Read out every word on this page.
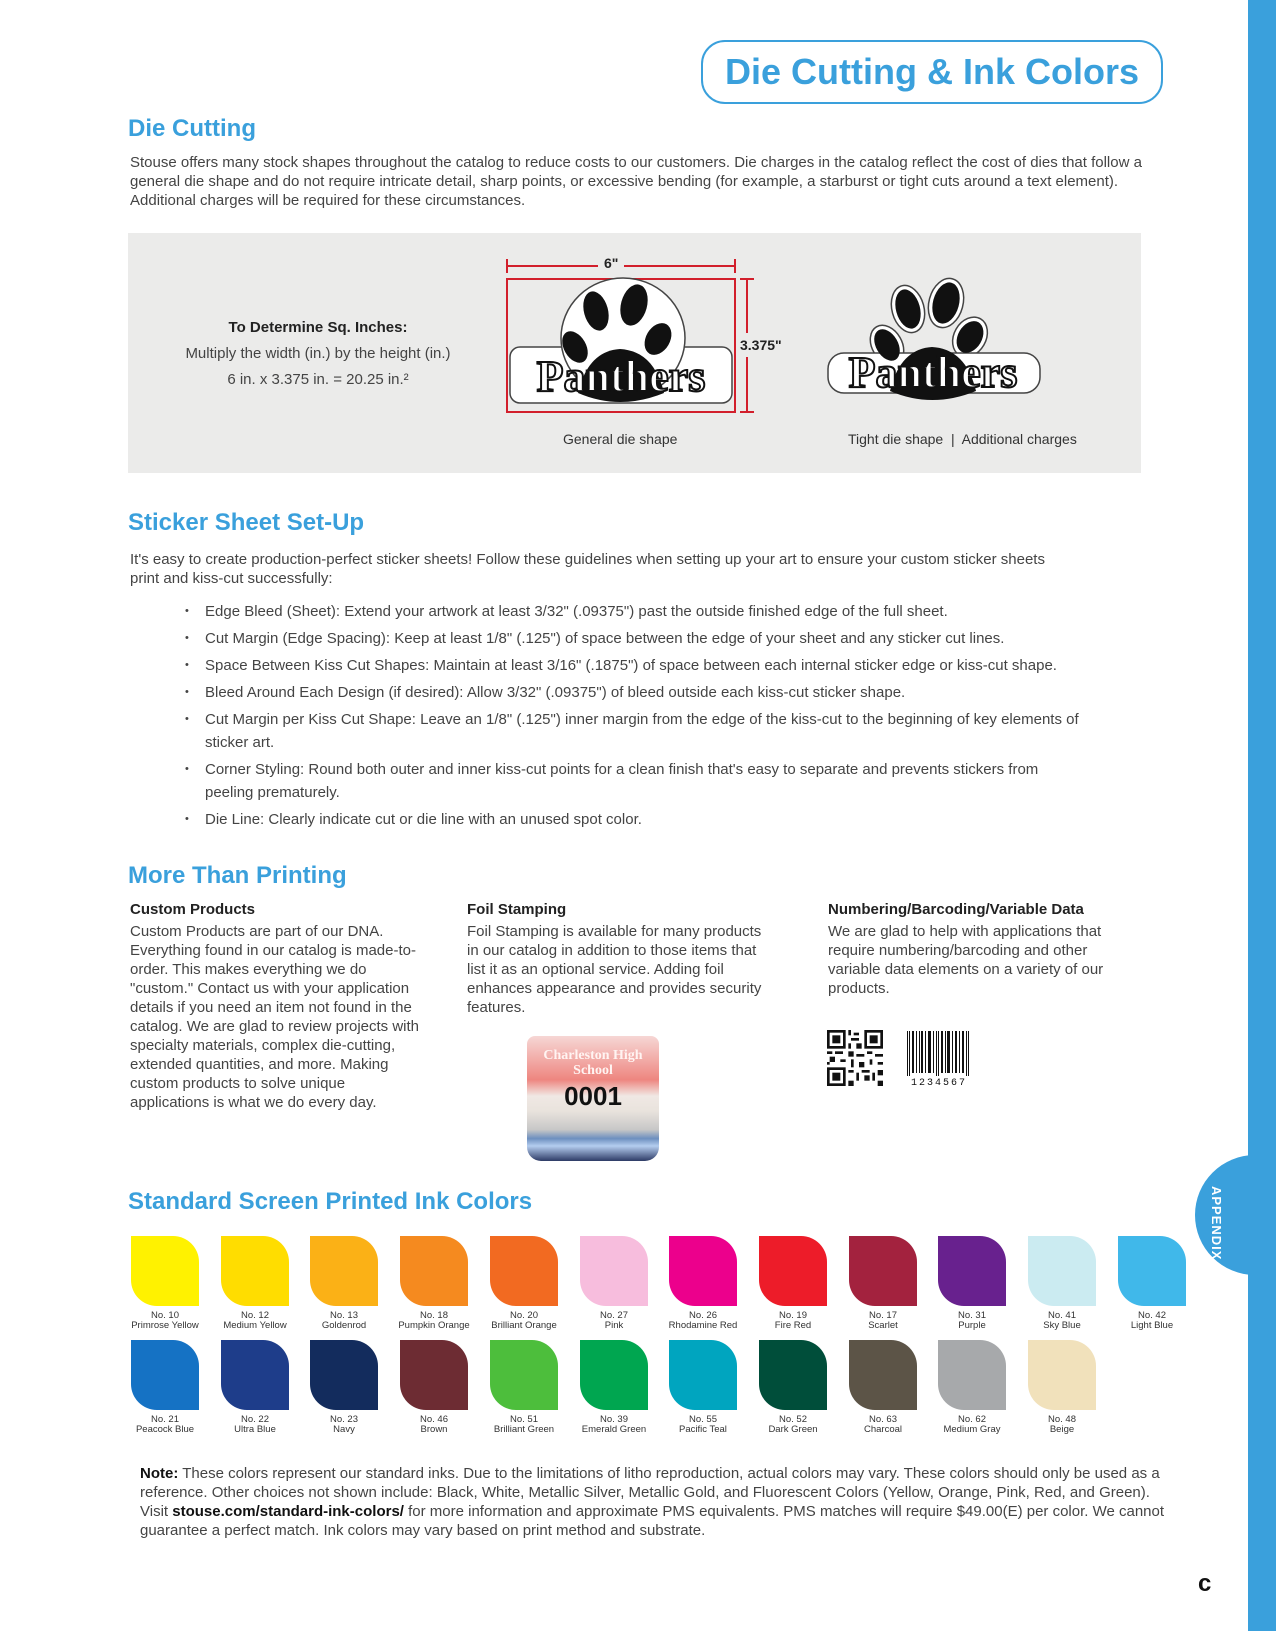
APPENDIX
c
Die Cutting & Ink Colors
Die Cutting

Stouse offers many stock shapes throughout the catalog to reduce costs to our customers. Die charges in the catalog reflect the cost of dies that follow a general die shape and do not require intricate detail, sharp points, or excessive bending (for example, a starburst or tight cuts around a text element). Additional charges will be required for these circumstances.

To Determine Sq. Inches:
Multiply the width (in.) by the height (in.)
6 in. x 3.375 in. = 20.25 in.²
6"
3.375"
Panthers	Panthers
General die shape	Tight die shape  |  Additional charges
Sticker Sheet Set-Up

It's easy to create production-perfect sticker sheets! Follow these guidelines when setting up your art to ensure your custom sticker sheets print and kiss-cut successfully:

• Edge Bleed (Sheet): Extend your artwork at least 3/32" (.09375") past the outside finished edge of the full sheet.
• Cut Margin (Edge Spacing): Keep at least 1/8" (.125") of space between the edge of your sheet and any sticker cut lines.
• Space Between Kiss Cut Shapes: Maintain at least 3/16" (.1875") of space between each internal sticker edge or kiss-cut shape.
• Bleed Around Each Design (if desired): Allow 3/32" (.09375") of bleed outside each kiss-cut sticker shape.
• Cut Margin per Kiss Cut Shape: Leave an 1/8" (.125") inner margin from the edge of the kiss-cut to the beginning of key elements of sticker art.
• Corner Styling: Round both outer and inner kiss-cut points for a clean finish that's easy to separate and prevents stickers from peeling prematurely.
• Die Line: Clearly indicate cut or die line with an unused spot color.
More Than Printing
Custom Products

Custom Products are part of our DNA. Everything found in our catalog is made-to-order. This makes everything we do "custom." Contact us with your application details if you need an item not found in the catalog. We are glad to review projects with specialty materials, complex die-cutting, extended quantities, and more. Making custom products to solve unique applications is what we do every day.

Foil Stamping

Foil Stamping is available for many products in our catalog in addition to those items that list it as an optional service. Adding foil enhances appearance and provides security features.

Numbering/Barcoding/Variable Data

We are glad to help with applications that require numbering/barcoding and other variable data elements on a variety of our products.

Charleston High School
0001	1234567
Standard Screen Printed Ink Colors
No. 10
Primrose Yellow
No. 12
Medium Yellow
No. 13
Goldenrod
No. 18
Pumpkin Orange
No. 20
Brilliant Orange
No. 27
Pink
No. 26
Rhodamine Red
No. 19
Fire Red
No. 17
Scarlet
No. 31
Purple
No. 41
Sky Blue
No. 42
Light Blue
No. 21
Peacock Blue
No. 22
Ultra Blue
No. 23
Navy
No. 46
Brown
No. 51
Brilliant Green
No. 39
Emerald Green
No. 55
Pacific Teal
No. 52
Dark Green
No. 63
Charcoal
No. 62
Medium Gray
No. 48
Beige

Note: These colors represent our standard inks. Due to the limitations of litho reproduction, actual colors may vary. These colors should only be used as a reference. Other choices not shown include: Black, White, Metallic Silver, Metallic Gold, and Fluorescent Colors (Yellow, Orange, Pink, Red, and Green). Visit stouse.com/standard-ink-colors/ for more information and approximate PMS equivalents. PMS matches will require $49.00(E) per color. We cannot guarantee a perfect match. Ink colors may vary based on print method and substrate.
